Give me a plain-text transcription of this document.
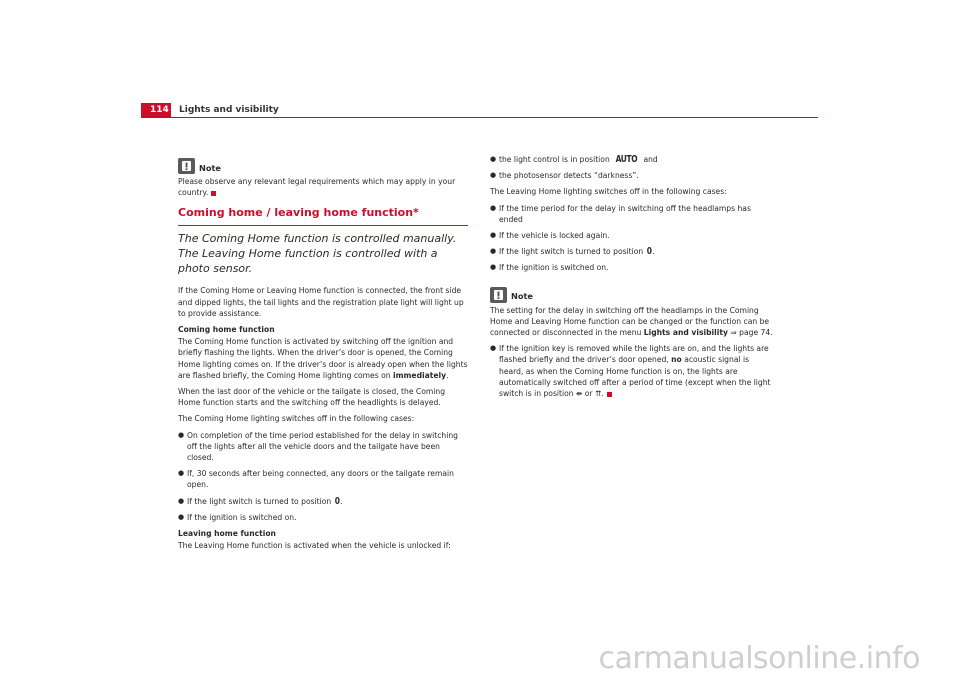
114 Lights and visibility
Note

Please observe any relevant legal requirements which may apply in your country.

Coming home / leaving home function*
The Coming Home function is controlled manually. The Leaving Home function is controlled with a photo sensor.

If the Coming Home or Leaving Home function is connected, the front side and dipped lights, the tail lights and the registration plate light will light up to provide assistance.

Coming home function

The Coming Home function is activated by switching off the ignition and briefly flashing the lights. When the driver’s door is opened, the Coming Home lighting comes on. If the driver’s door is already open when the lights are flashed briefly, the Coming Home lighting comes on immediately.

When the last door of the vehicle or the tailgate is closed, the Coming Home function starts and the switching off the headlights is delayed.

The Coming Home lighting switches off in the following cases:

● On completion of the time period established for the delay in switching off the lights after all the vehicle doors and the tailgate have been closed.
● If, 30 seconds after being connected, any doors or the tailgate remain open.
● If the light switch is turned to position 0.
● If the ignition is switched on.
Leaving home function

The Leaving Home function is activated when the vehicle is unlocked if:

● the light control is in position AUTO and
● the photosensor detects “darkness”.

The Leaving Home lighting switches off in the following cases:

● If the time period for the delay in switching off the headlamps has ended
● If the vehicle is locked again.
● If the light switch is turned to position 0.
● If the ignition is switched on.
Note

The setting for the delay in switching off the headlamps in the Coming Home and Leaving Home function can be changed or the function can be connected or disconnected in the menu Lights and visibility ⇒ page 74.

● If the ignition key is removed while the lights are on, and the lights are flashed briefly and the driver’s door opened, no acoustic signal is heard, as when the Coming Home function is on, the lights are automatically switched off after a period of time (except when the light switch is in position ⇼ or ⇈.
carmanualsonline.info
